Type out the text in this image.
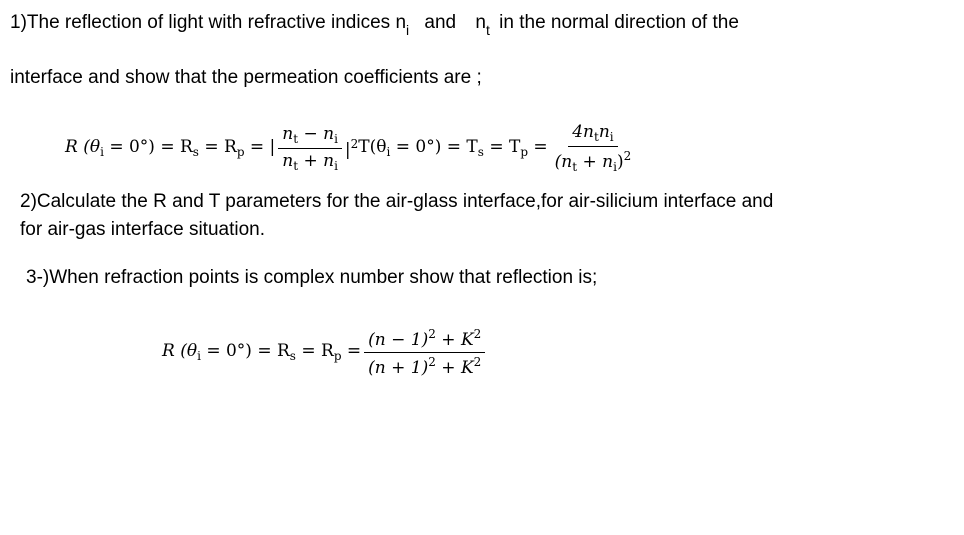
1)The reflection of light with refractive indices $n_i$ and $n_t$ in the normal direction of the
interface and show that the permeation coefficients are ;
R $(\theta_i = 0^\circ) = R_s = R_p$ = | $\frac{n_t - n_i}{n_t + n_i} |^2$ $T(\theta_i = 0^\circ) = T_s = T_p = \frac{4n_tn_i}{(n_t + n_i)^2}$
2)Calculate the R and T parameters for the air-glass interface,for air-silicium interface and
for air-gas interface situation.
3-)When refraction points is complex number show that reflection is;
R $(\theta_i = 0^\circ) = R_s = R_p = \frac{(n - 1)^2 + K^2}{(n + 1)^2 + K^2}$
